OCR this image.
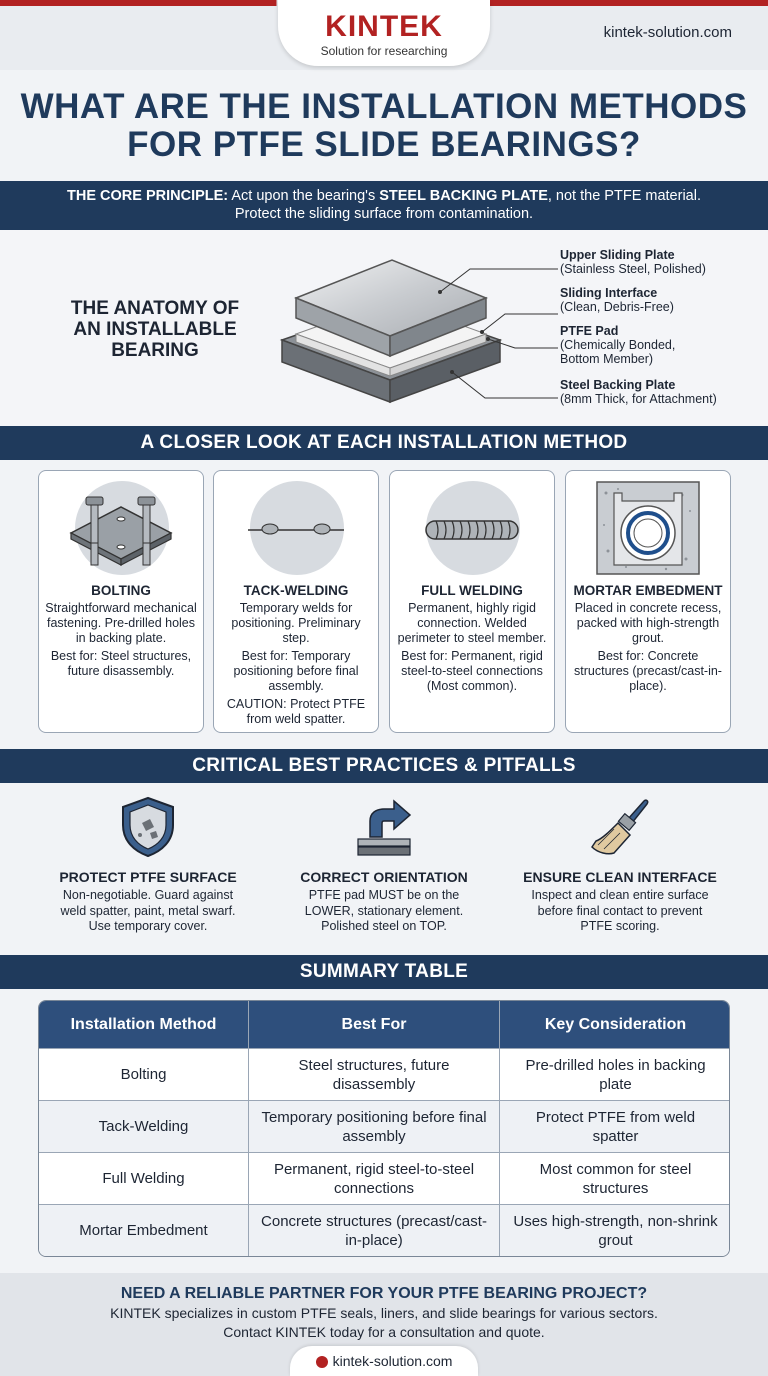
KINTEK
Solution for researching
kintek-solution.com
WHAT ARE THE INSTALLATION METHODS
FOR PTFE SLIDE BEARINGS?
THE CORE PRINCIPLE: Act upon the bearing's STEEL BACKING PLATE, not the PTFE material.
Protect the sliding surface from contamination.
THE ANATOMY OF
AN INSTALLABLE
BEARING
Upper Sliding Plate
(Stainless Steel, Polished)
Sliding Interface
(Clean, Debris-Free)
PTFE Pad
(Chemically Bonded,
Bottom Member)
Steel Backing Plate
(8mm Thick, for Attachment)
A CLOSER LOOK AT EACH INSTALLATION METHOD
BOLTING

Straightforward mechanical fastening. Pre-drilled holes in backing plate.

Best for: Steel structures, future disassembly.

TACK-WELDING

Temporary welds for positioning. Preliminary step.

Best for: Temporary positioning before final assembly.

CAUTION: Protect PTFE from weld spatter.

FULL WELDING

Permanent, highly rigid connection. Welded perimeter to steel member.

Best for: Permanent, rigid steel-to-steel connections (Most common).

MORTAR EMBEDMENT

Placed in concrete recess, packed with high-strength grout.

Best for: Concrete structures (precast/cast-in-place).

CRITICAL BEST PRACTICES & PITFALLS
PROTECT PTFE SURFACE
Non-negotiable. Guard against
weld spatter, paint, metal swarf.
Use temporary cover.
CORRECT ORIENTATION
PTFE pad MUST be on the
LOWER, stationary element.
Polished steel on TOP.
ENSURE CLEAN INTERFACE
Inspect and clean entire surface
before final contact to prevent
PTFE scoring.
SUMMARY TABLE
Installation Method	Best For	Key Consideration
Bolting
Steel structures, future disassembly
Pre-drilled holes in backing plate
Tack-Welding
Temporary positioning before final assembly
Protect PTFE from weld spatter
Full Welding
Permanent, rigid steel-to-steel connections
Most common for steel structures
Mortar Embedment
Concrete structures (precast/cast-in-place)
Uses high-strength, non-shrink grout
NEED A RELIABLE PARTNER FOR YOUR PTFE BEARING PROJECT?
KINTEK specializes in custom PTFE seals, liners, and slide bearings for various sectors.
Contact KINTEK today for a consultation and quote.
kintek-solution.com
